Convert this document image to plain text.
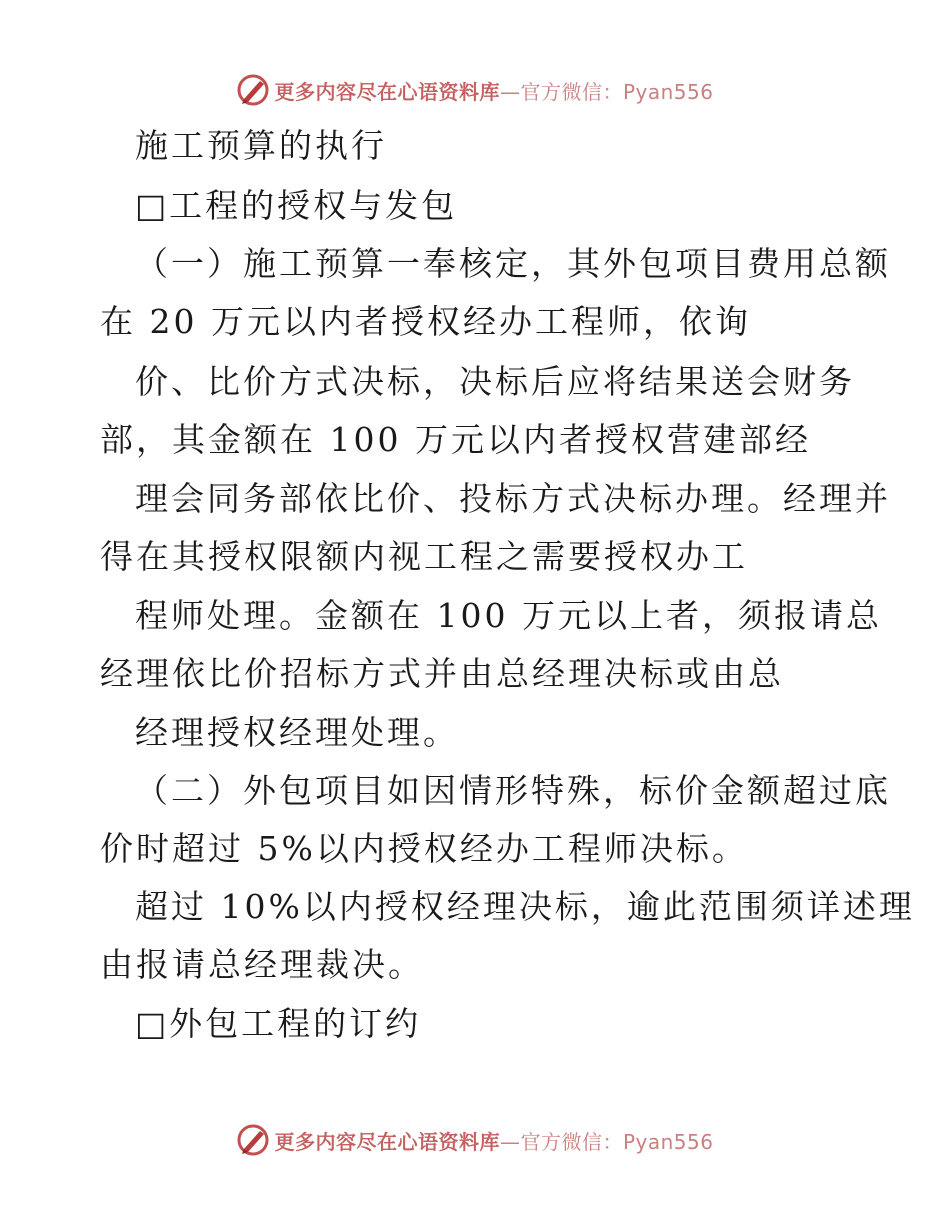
更多内容尽在心语资料库—官方微信：Pyan556
施工预算的执行
□工程的授权与发包
（一）施工预算一奉核定，其外包项目费用总额
在 20 万元以内者授权经办工程师，依询
价、比价方式决标，决标后应将结果送会财务
部，其金额在 100 万元以内者授权营建部经
理会同务部依比价、投标方式决标办理。经理并
得在其授权限额内视工程之需要授权办工
程师处理。金额在 100 万元以上者，须报请总
经理依比价招标方式并由总经理决标或由总
经理授权经理处理。
（二）外包项目如因情形特殊，标价金额超过底
价时超过 5%以内授权经办工程师决标。
超过 10%以内授权经理决标，逾此范围须详述理
由报请总经理裁决。
□外包工程的订约
更多内容尽在心语资料库—官方微信：Pyan556
